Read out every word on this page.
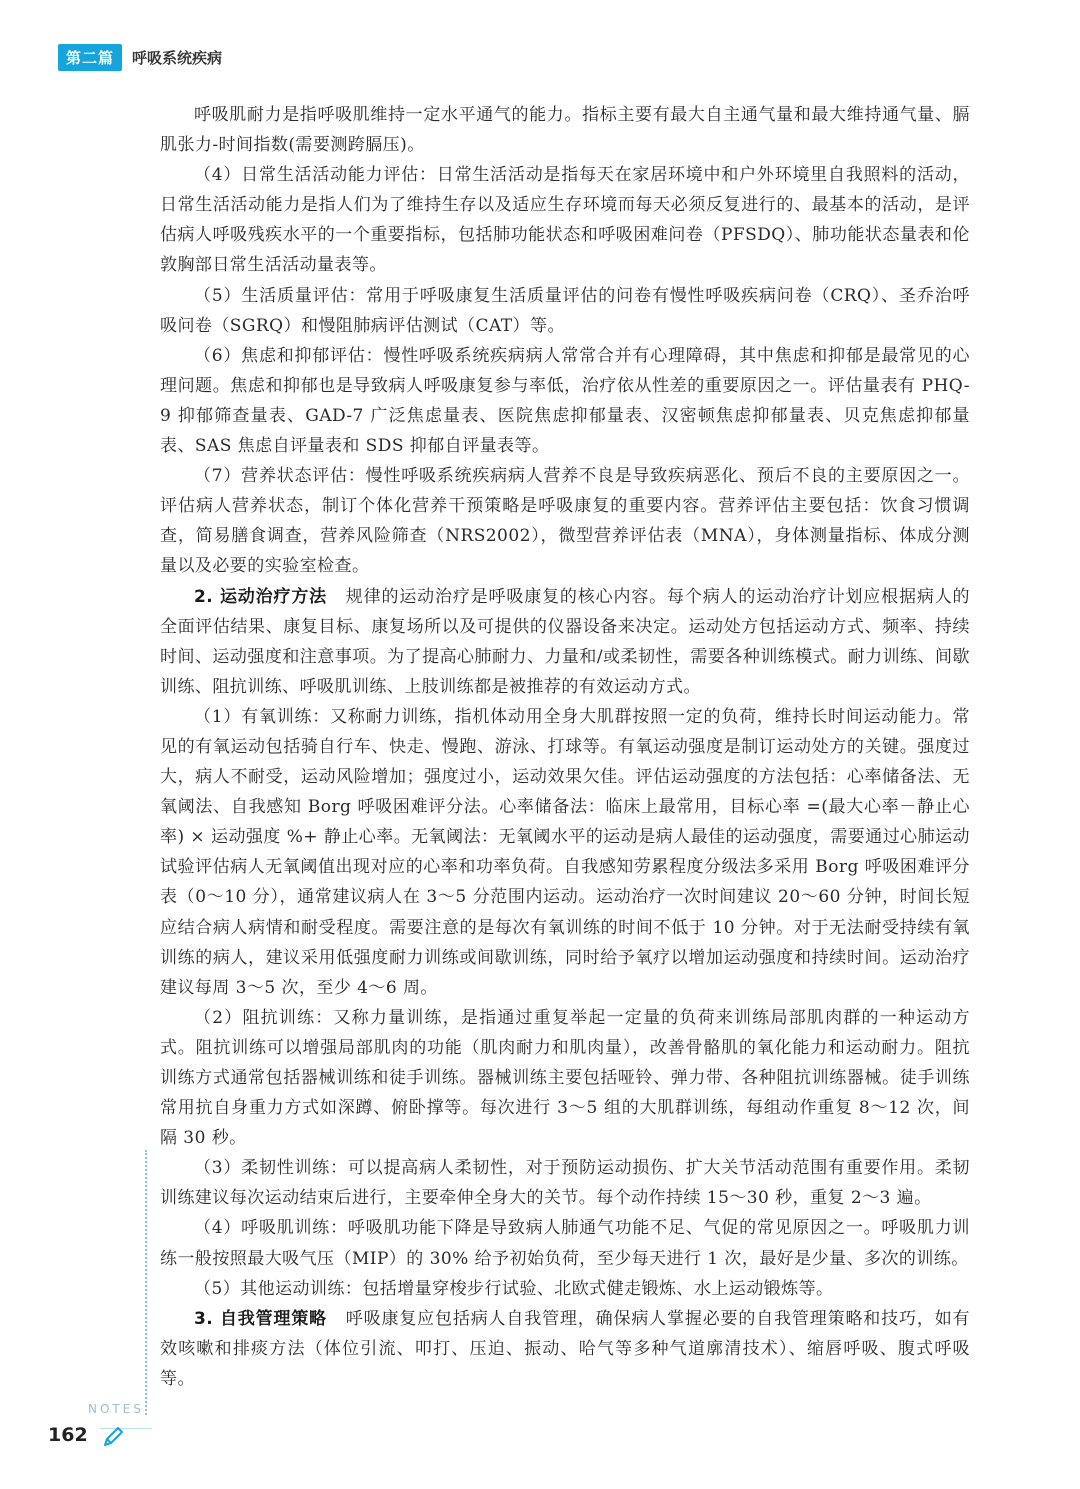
第二篇	呼吸系统疾病

呼吸肌耐力是指呼吸肌维持一定水平通气的能力。指标主要有最大自主通气量和最大维持通气量、膈肌张力-时间指数(需要测跨膈压)。

（4）日常生活活动能力评估：日常生活活动是指每天在家居环境中和户外环境里自我照料的活动，日常生活活动能力是指人们为了维持生存以及适应生存环境而每天必须反复进行的、最基本的活动，是评估病人呼吸残疾水平的一个重要指标，包括肺功能状态和呼吸困难问卷（PFSDQ）、肺功能状态量表和伦敦胸部日常生活活动量表等。

（5）生活质量评估：常用于呼吸康复生活质量评估的问卷有慢性呼吸疾病问卷（CRQ）、圣乔治呼吸问卷（SGRQ）和慢阻肺病评估测试（CAT）等。

（6）焦虑和抑郁评估：慢性呼吸系统疾病病人常常合并有心理障碍，其中焦虑和抑郁是最常见的心理问题。焦虑和抑郁也是导致病人呼吸康复参与率低，治疗依从性差的重要原因之一。评估量表有 PHQ-9 抑郁筛查量表、GAD-7 广泛焦虑量表、医院焦虑抑郁量表、汉密顿焦虑抑郁量表、贝克焦虑抑郁量表、SAS 焦虑自评量表和 SDS 抑郁自评量表等。

（7）营养状态评估：慢性呼吸系统疾病病人营养不良是导致疾病恶化、预后不良的主要原因之一。评估病人营养状态，制订个体化营养干预策略是呼吸康复的重要内容。营养评估主要包括：饮食习惯调查，简易膳食调查，营养风险筛查（NRS2002），微型营养评估表（MNA），身体测量指标、体成分测量以及必要的实验室检查。

2. 运动治疗方法 规律的运动治疗是呼吸康复的核心内容。每个病人的运动治疗计划应根据病人的全面评估结果、康复目标、康复场所以及可提供的仪器设备来决定。运动处方包括运动方式、频率、持续时间、运动强度和注意事项。为了提高心肺耐力、力量和/或柔韧性，需要各种训练模式。耐力训练、间歇训练、阻抗训练、呼吸肌训练、上肢训练都是被推荐的有效运动方式。

（1）有氧训练：又称耐力训练，指机体动用全身大肌群按照一定的负荷，维持长时间运动能力。常见的有氧运动包括骑自行车、快走、慢跑、游泳、打球等。有氧运动强度是制订运动处方的关键。强度过大，病人不耐受，运动风险增加；强度过小，运动效果欠佳。评估运动强度的方法包括：心率储备法、无氧阈法、自我感知 Borg 呼吸困难评分法。心率储备法：临床上最常用，目标心率 =(最大心率－静止心率) × 运动强度 %+ 静止心率。无氧阈法：无氧阈水平的运动是病人最佳的运动强度，需要通过心肺运动试验评估病人无氧阈值出现对应的心率和功率负荷。自我感知劳累程度分级法多采用 Borg 呼吸困难评分表（0～10 分），通常建议病人在 3～5 分范围内运动。运动治疗一次时间建议 20～60 分钟，时间长短应结合病人病情和耐受程度。需要注意的是每次有氧训练的时间不低于 10 分钟。对于无法耐受持续有氧训练的病人，建议采用低强度耐力训练或间歇训练，同时给予氧疗以增加运动强度和持续时间。运动治疗建议每周 3～5 次，至少 4～6 周。

（2）阻抗训练：又称力量训练，是指通过重复举起一定量的负荷来训练局部肌肉群的一种运动方式。阻抗训练可以增强局部肌肉的功能（肌肉耐力和肌肉量），改善骨骼肌的氧化能力和运动耐力。阻抗训练方式通常包括器械训练和徒手训练。器械训练主要包括哑铃、弹力带、各种阻抗训练器械。徒手训练常用抗自身重力方式如深蹲、俯卧撑等。每次进行 3～5 组的大肌群训练，每组动作重复 8～12 次，间隔 30 秒。

（3）柔韧性训练：可以提高病人柔韧性，对于预防运动损伤、扩大关节活动范围有重要作用。柔韧训练建议每次运动结束后进行，主要牵伸全身大的关节。每个动作持续 15～30 秒，重复 2～3 遍。

（4）呼吸肌训练：呼吸肌功能下降是导致病人肺通气功能不足、气促的常见原因之一。呼吸肌力训练一般按照最大吸气压（MIP）的 30% 给予初始负荷，至少每天进行 1 次，最好是少量、多次的训练。

（5）其他运动训练：包括增量穿梭步行试验、北欧式健走锻炼、水上运动锻炼等。

3. 自我管理策略 呼吸康复应包括病人自我管理，确保病人掌握必要的自我管理策略和技巧，如有效咳嗽和排痰方法（体位引流、叩打、压迫、振动、哈气等多种气道廓清技术）、缩唇呼吸、腹式呼吸等。

NOTES
162
